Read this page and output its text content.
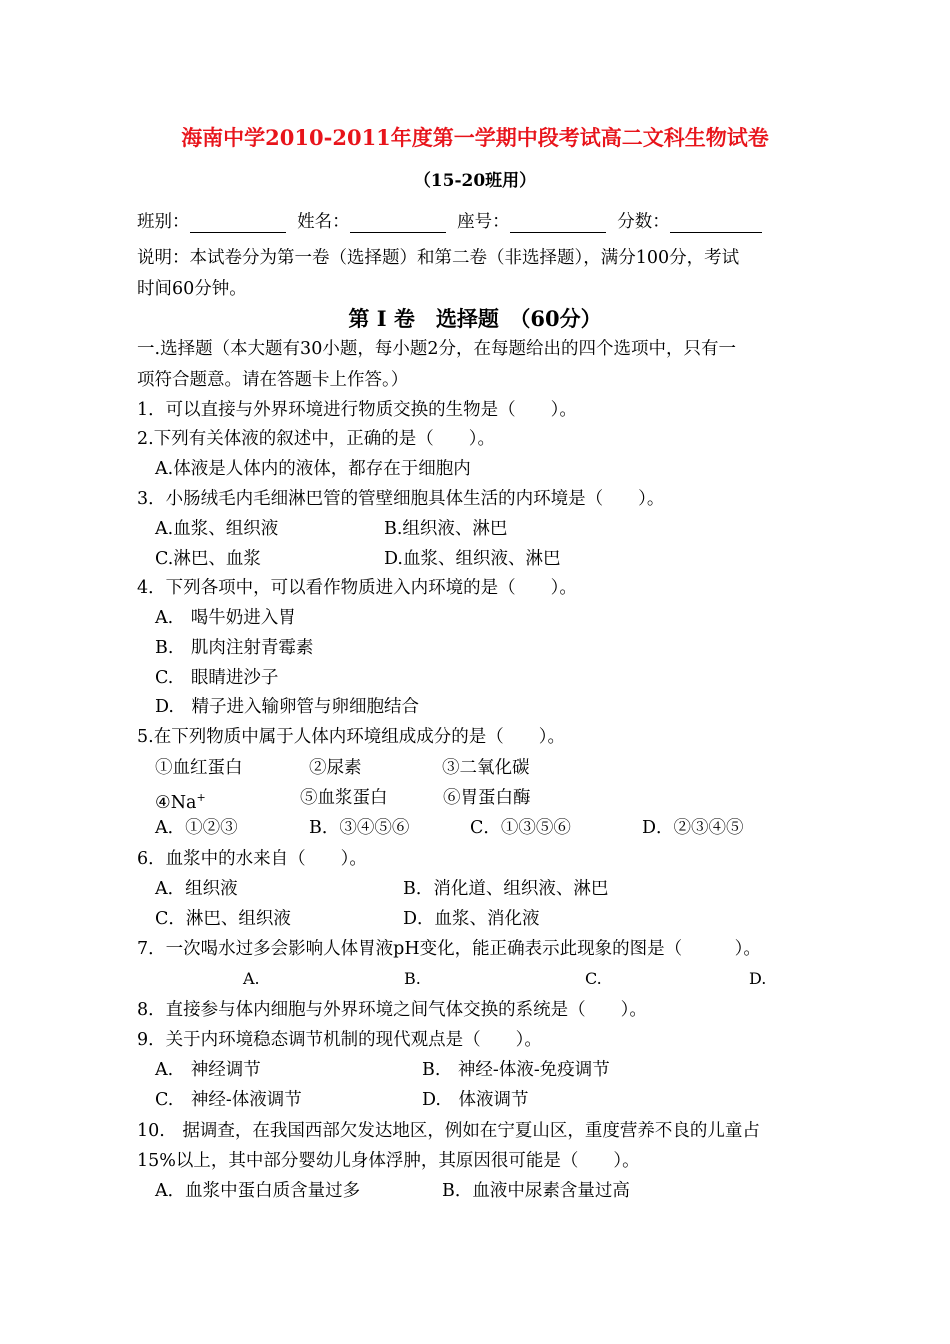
海南中学2010-2011年度第一学期中段考试高二文科生物试卷
（15-20班用）
班别：	姓名：	座号：	分数：
说明：本试卷分为第一卷（选择题）和第二卷（非选择题），满分100分，考试
时间60分钟。
第 I 卷　选择题　（60分）
一.选择题（本大题有30小题，每小题2分，在每题给出的四个选项中，只有一
项符合题意。请在答题卡上作答。）
1．可以直接与外界环境进行物质交换的生物是（　　）。
2.下列有关体液的叙述中，正确的是（　　）。
A.体液是人体内的液体，都存在于细胞内
3．小肠绒毛内毛细淋巴管的管壁细胞具体生活的内环境是（　　）。
A.血浆、组织液	B.组织液、淋巴
C.淋巴、血浆	D.血浆、组织液、淋巴
4．下列各项中，可以看作物质进入内环境的是（　　）。
A.　喝牛奶进入胃
B.　肌肉注射青霉素
C.　眼睛进沙子
D.　精子进入输卵管与卵细胞结合
5.在下列物质中属于人体内环境组成成分的是（　　）。
①血红蛋白	②尿素	③二氧化碳
④Na+	⑤血浆蛋白	⑥胃蛋白酶
A．①②③	B．③④⑤⑥	C．①③⑤⑥	D．②③④⑤
6．血浆中的水来自（　　）。
A．组织液	B．消化道、组织液、淋巴
C．淋巴、组织液	D．血浆、消化液
7．一次喝水过多会影响人体胃液pH变化，能正确表示此现象的图是（　　　）。
A.	B.	C.	D.
8．直接参与体内细胞与外界环境之间气体交换的系统是（　　）。
9．关于内环境稳态调节机制的现代观点是（　　）。
A.　神经调节	B.　神经-体液-免疫调节
C.　神经-体液调节	D.　体液调节
10.　据调查，在我国西部欠发达地区，例如在宁夏山区，重度营养不良的儿童占
15%以上，其中部分婴幼儿身体浮肿，其原因很可能是（　　）。
A．血浆中蛋白质含量过多	B．血液中尿素含量过高
